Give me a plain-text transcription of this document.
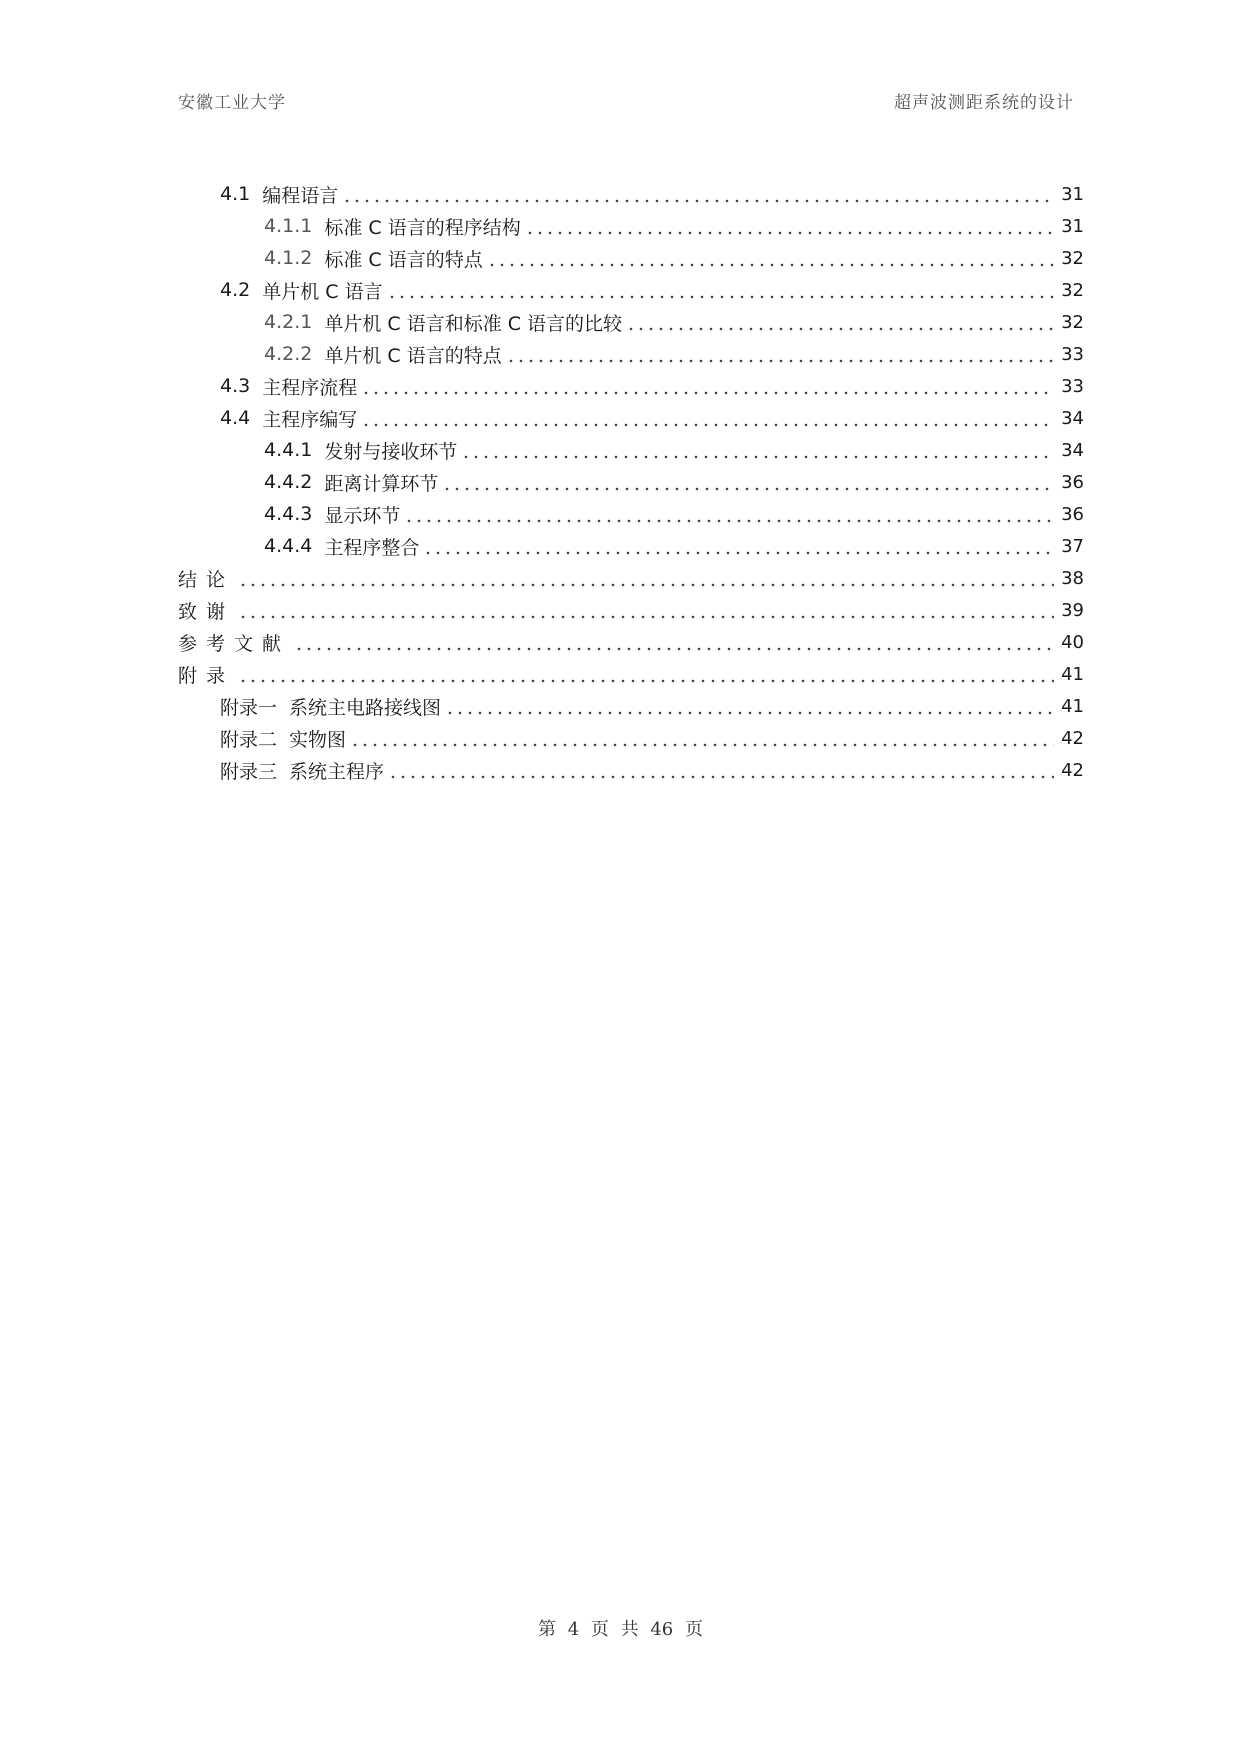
安徽工业大学	超声波测距系统的设计
4.1 编程语言	31
4.1.1 标准 C 语言的程序结构	31
4.1.2 标准 C 语言的特点	32
4.2 单片机 C 语言	32
4.2.1 单片机 C 语言和标准 C 语言的比较	32
4.2.2 单片机 C 语言的特点	33
4.3 主程序流程	33
4.4 主程序编写	34
4.4.1 发射与接收环节	34
4.4.2 距离计算环节	36
4.4.3 显示环节	36
4.4.4 主程序整合	37
结论	38
致谢	39
参考文献	40
附录	41
附录一 系统主电路接线图	41
附录二 实物图	42
附录三 系统主程序	42
第 4 页 共 46 页
